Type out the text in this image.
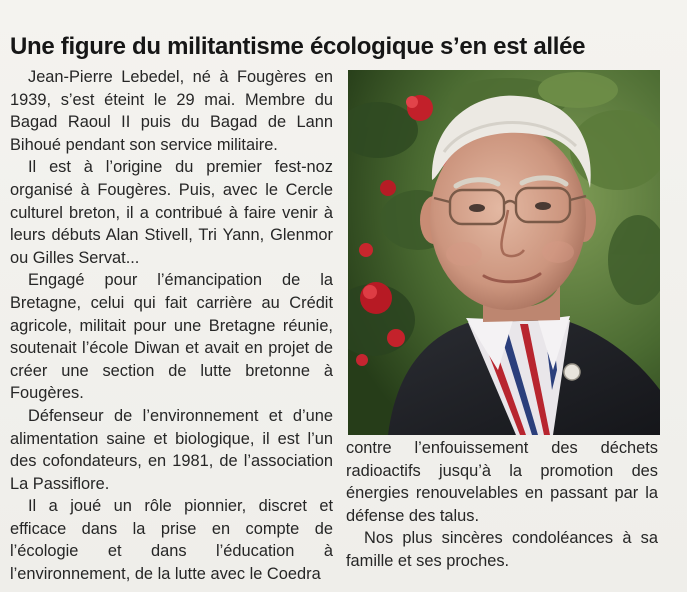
Une figure du militantisme écologique s’en est allée

Jean-Pierre Lebedel, né à Fougères en 1939, s’est éteint le 29 mai. Membre du Bagad Raoul II puis du Bagad de Lann Bihoué pendant son service militaire.

Il est à l’origine du premier fest-noz organisé à Fougères. Puis, avec le Cercle culturel breton, il a contribué à faire venir à leurs débuts Alan Stivell, Tri Yann, Glenmor ou Gilles Servat...

Engagé pour l’émancipation de la Bretagne, celui qui fait carrière au Crédit agricole, militait pour une Bretagne réunie, soutenait l’école Diwan et avait en projet de créer une section de lutte bretonne à Fougères.

Défenseur de l’environnement et d’une alimentation saine et biologique, il est l’un des cofondateurs, en 1981, de l’association La Passiflore.

Il a joué un rôle pionnier, discret et efficace dans la prise en compte de l’écologie et dans l’éducation à l’environnement, de la lutte avec le Coedra

contre l’enfouissement des déchets radioactifs jusqu’à la promotion des énergies renouvelables en passant par la défense des talus.

Nos plus sincères condoléances à sa famille et ses proches.
